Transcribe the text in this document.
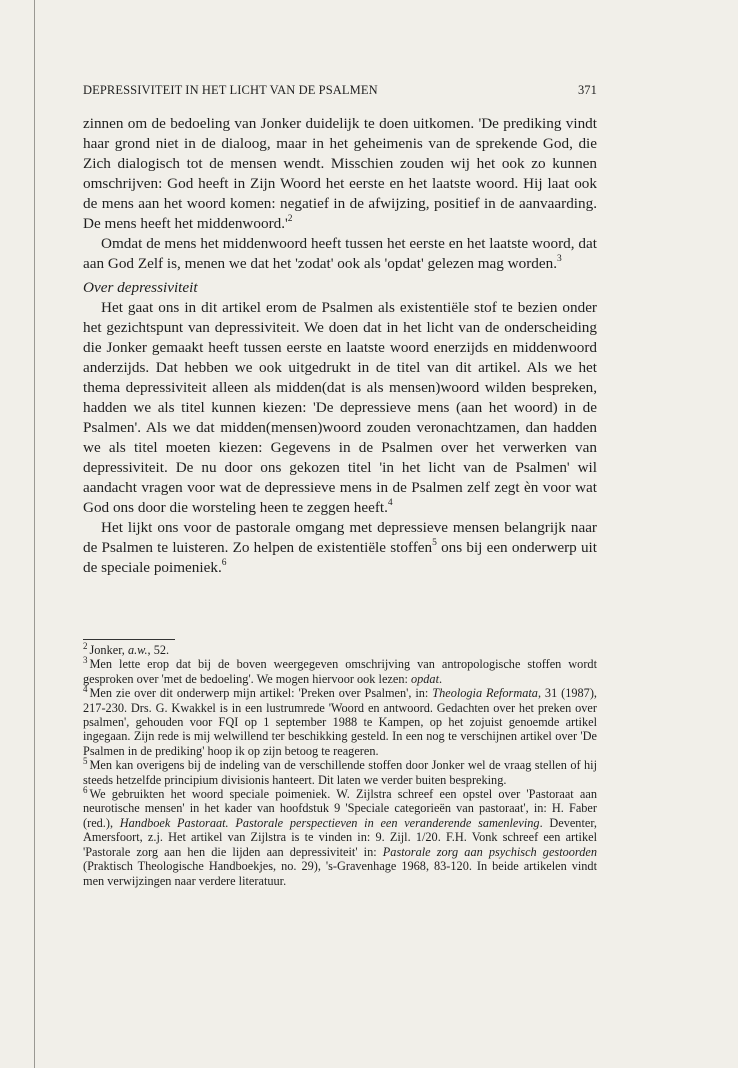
DEPRESSIVITEIT IN HET LICHT VAN DE PSALMEN	371

zinnen om de bedoeling van Jonker duidelijk te doen uitkomen. 'De prediking vindt haar grond niet in de dialoog, maar in het geheimenis van de sprekende God, die Zich dialogisch tot de mensen wendt. Misschien zouden wij het ook zo kunnen omschrijven: God heeft in Zijn Woord het eerste en het laatste woord. Hij laat ook de mens aan het woord komen: negatief in de afwijzing, positief in de aanvaarding. De mens heeft het $middenwoord.'^2$

Omdat de mens het middenwoord heeft tussen het eerste en het laatste woord, dat aan God Zelf is, menen we dat het 'zodat' ook als 'opdat' gelezen mag worden.$^3$

Over depressiviteit

Het gaat ons in dit artikel erom de Psalmen als existentiële stof te bezien onder het gezichtspunt van depressiviteit. We doen dat in het licht van de onderscheiding die Jonker gemaakt heeft tussen eerste en laatste woord enerzijds en middenwoord anderzijds. Dat hebben we ook uitgedrukt in de titel van dit artikel. Als we het thema depressiviteit alleen als midden(dat is als mensen)woord wilden bespreken, hadden we als titel kunnen kiezen: 'De depressieve mens (aan het woord) in de Psalmen'. Als we dat midden(mensen)woord zouden veronachtzamen, dan hadden we als titel moeten kiezen: Gegevens in de Psalmen over het verwerken van depressiviteit. De nu door ons gekozen titel 'in het licht van de Psalmen' wil aandacht vragen voor wat de depressieve mens in de Psalmen zelf zegt èn voor wat God ons door die worsteling heen te zeggen heeft.$^4$

Het lijkt ons voor de pastorale omgang met depressieve mensen belangrijk naar de Psalmen te luisteren. Zo helpen de existentiële stoffen$^5$ ons bij een onderwerp uit de speciale poimeniek.$^6$

$^2$ Jonker, a.w., 52.

$^3$ Men lette erop dat bij de boven weergegeven omschrijving van antropologische stoffen wordt gesproken over 'met de bedoeling'. We mogen hiervoor ook lezen: opdat.

$^4$ Men zie over dit onderwerp mijn artikel: 'Preken over Psalmen', in: Theologia Reformata, 31 (1987), 217-230. Drs. G. Kwakkel is in een lustrumrede 'Woord en antwoord. Gedachten over het preken over psalmen', gehouden voor FQI op 1 september 1988 te Kampen, op het zojuist genoemde artikel ingegaan. Zijn rede is mij welwillend ter beschikking gesteld. In een nog te verschijnen artikel over 'De Psalmen in de prediking' hoop ik op zijn betoog te reageren.

$^5$ Men kan overigens bij de indeling van de verschillende stoffen door Jonker wel de vraag stellen of hij steeds hetzelfde principium divisionis hanteert. Dit laten we verder buiten bespreking.

$^6$ We gebruikten het woord speciale poimeniek. W. Zijlstra schreef een opstel over 'Pastoraat aan neurotische mensen' in het kader van hoofdstuk 9 'Speciale categorieën van pastoraat', in: H. Faber (red.), Handboek Pastoraat. Pastorale perspectieven in een veranderende samenleving. Deventer, Amersfoort, z.j. Het artikel van Zijlstra is te vinden in: 9. Zijl. 1/20. F.H. Vonk schreef een artikel 'Pastorale zorg aan hen die lijden aan depressiviteit' in: Pastorale zorg aan psychisch gestoorden (Praktisch Theologische Handboekjes, no. 29), 's-Gravenhage 1968, 83-120. In beide artikelen vindt men verwijzingen naar verdere literatuur.
